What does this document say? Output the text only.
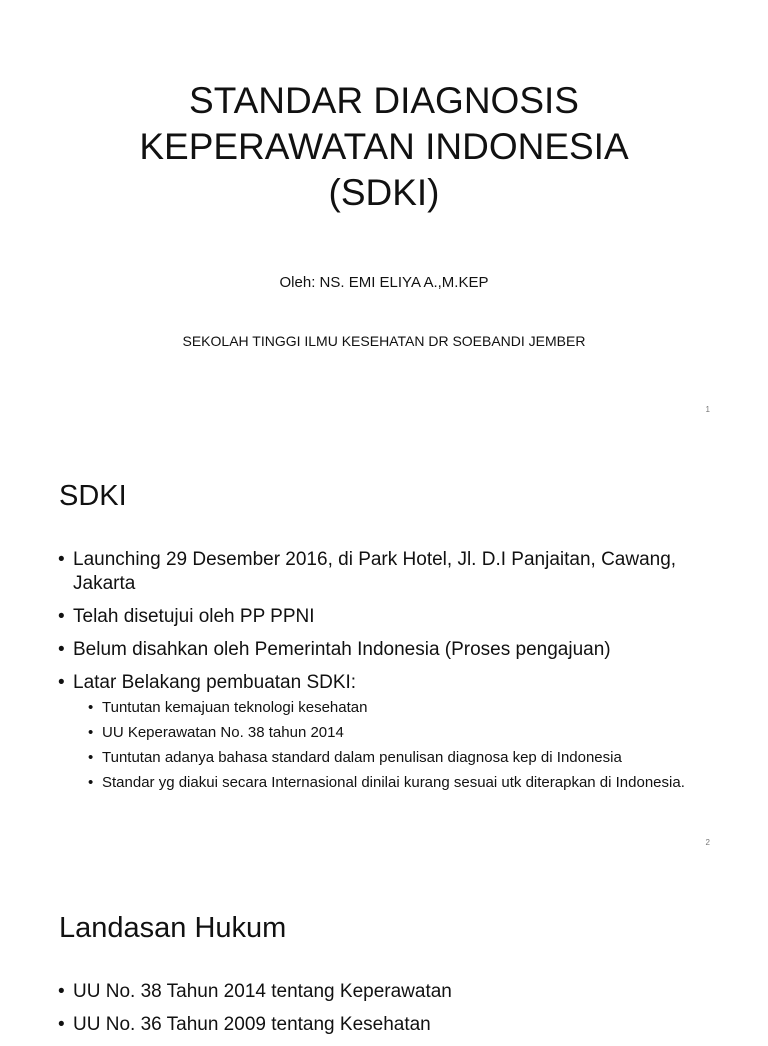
STANDAR DIAGNOSIS
KEPERAWATAN INDONESIA
(SDKI)
Oleh: NS. EMI ELIYA A.,M.KEP
SEKOLAH TINGGI ILMU KESEHATAN DR SOEBANDI JEMBER
1
SDKI
• Launching 29 Desember 2016, di Park Hotel, Jl. D.I Panjaitan, Cawang, Jakarta
• Telah disetujui oleh PP PPNI
• Belum disahkan oleh Pemerintah Indonesia (Proses pengajuan)
• Latar Belakang pembuatan SDKI:
• Tuntutan kemajuan teknologi kesehatan
• UU Keperawatan No. 38 tahun 2014
• Tuntutan adanya bahasa standard dalam penulisan diagnosa kep di Indonesia
• Standar yg diakui secara Internasional dinilai kurang sesuai utk diterapkan di Indonesia.
2
Landasan Hukum
• UU No. 38 Tahun 2014 tentang Keperawatan
• UU No. 36 Tahun 2009 tentang Kesehatan
